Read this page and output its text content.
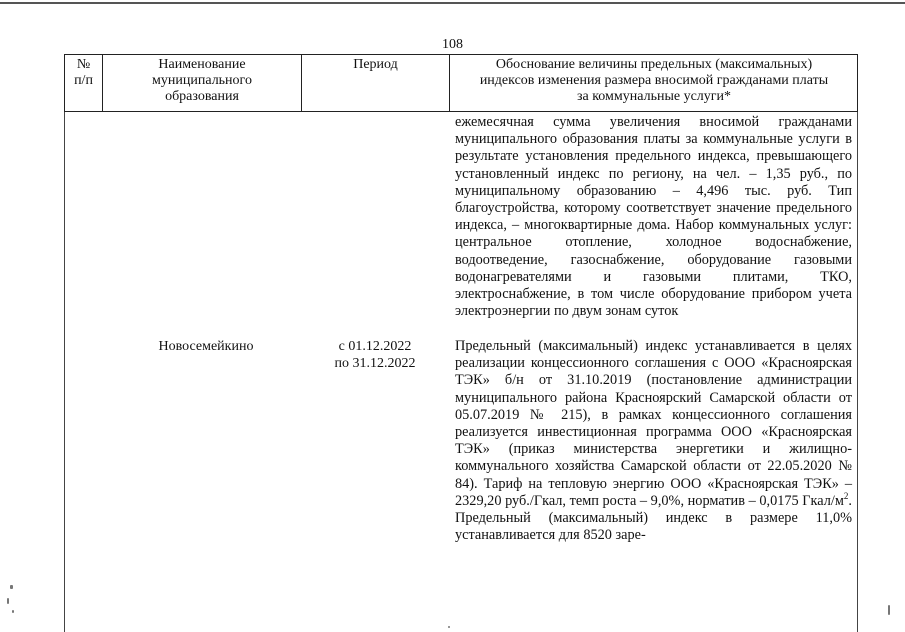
108
№
п/п
Наименование
муниципального
образования
Период	Обоснование величины предельных (максимальных)
индексов изменения размера вносимой гражданами платы
за коммунальные услуги*
ежемесячная сумма увеличения вносимой гражданами муниципального образования платы за коммунальные услуги в результате установления предельного индекса, превышающего установленный индекс по региону, на чел. – 1,35 руб., по муниципальному образованию – 4,496 тыс. руб. Тип благоустройства, которому соответствует значение предельного индекса, – многоквартирные дома. Набор коммунальных услуг: центральное отопление, холодное водоснабжение, водоотведение, газоснабжение, оборудование газовыми водонагревателями и газовыми плитами, ТКО, электроснабжение, в том числе оборудование прибором учета электроэнергии по двум зонам суток
Новосемейкино	с 01.12.2022
по 31.12.2022
Предельный (максимальный) индекс устанавливается в целях реализации концессионного соглашения с ООО «Красноярская ТЭК» б/н от 31.10.2019 (постановление администрации муниципального района Красноярский Самарской области от 05.07.2019 № 215), в рамках концессионного соглашения реализуется инвестиционная программа ООО «Красноярская ТЭК» (приказ министерства энергетики и жилищно-коммунального хозяйства Самарской области от 22.05.2020 № 84). Тариф на тепловую энергию ООО «Красноярская ТЭК» – 2329,20 руб./Гкал, темп роста – 9,0%, норматив – 0,0175 Гкал/$м^2$. Предельный (максимальный) индекс в размере 11,0% устанавливается для 8520 заре-
